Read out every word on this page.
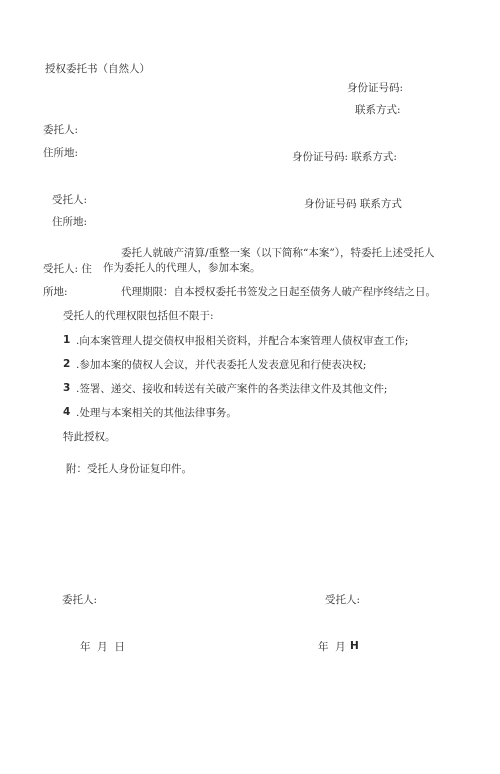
授权委托书（自然人）
身份证号码:
联系方式:
委托人:
住所地:	身份证号码: 联系方式:
受托人:	身份证号码 联系方式
住所地:
委托人就破产清算/重整一案（以下简称“本案”），特委托上述受托人
受托人: 住 作为委托人的代理人，参加本案。
所地:	代理期限：自本授权委托书签发之日起至债务人破产程序终结之日。
受托人的代理权限包括但不限于:
1 .向本案管理人提交债权申报相关资料，并配合本案管理人债权审查工作;
2 .参加本案的债权人会议，并代表委托人发表意见和行使表决权;
3 .签署、递交、接收和转送有关破产案件的各类法律文件及其他文件;
4 .处理与本案相关的其他法律事务。
特此授权。
附：受托人身份证复印件。
委托人:	受托人:
年  月  日	年  月 H
